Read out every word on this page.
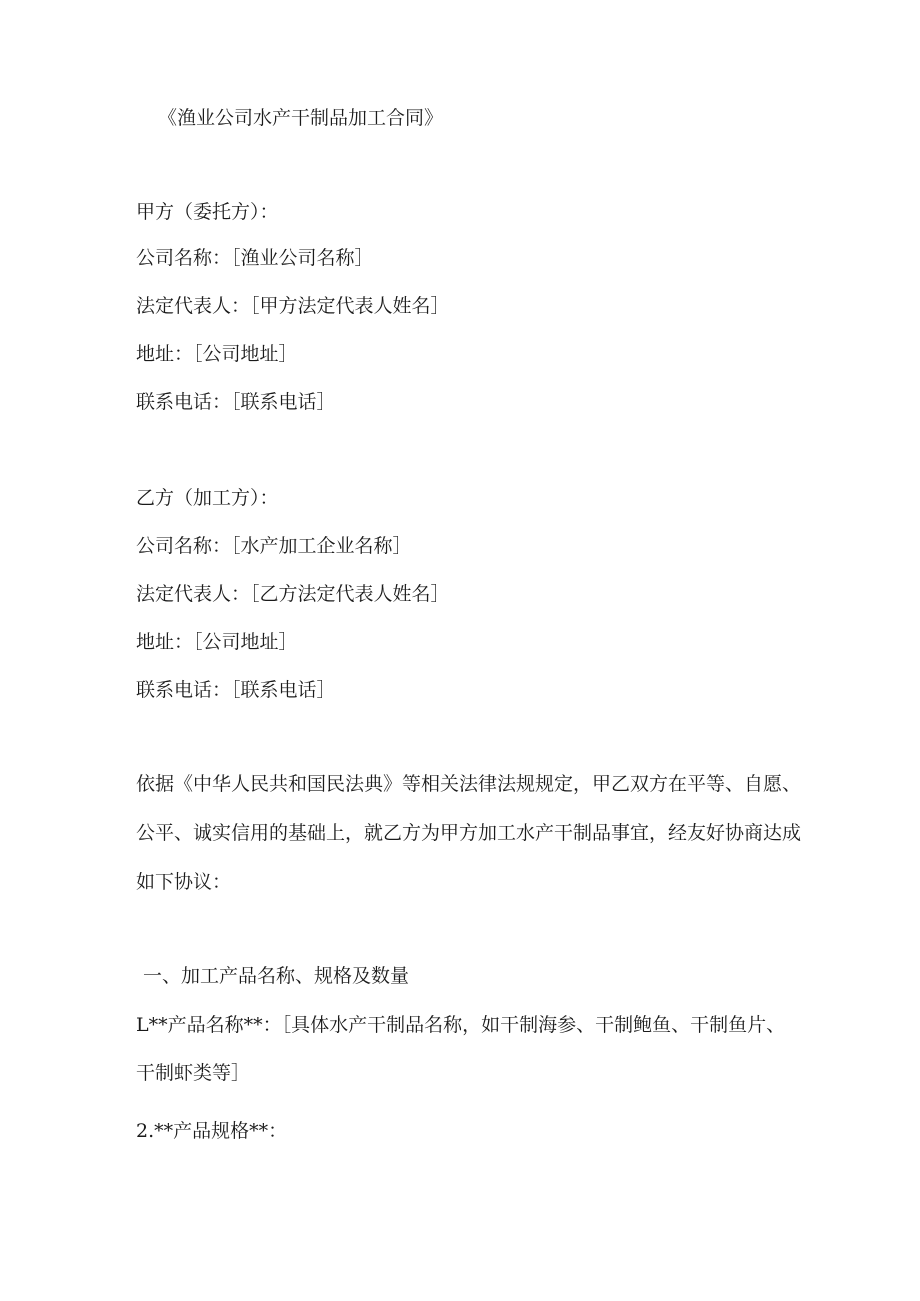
《渔业公司水产干制品加工合同》

甲方（委托方）：

公司名称：［渔业公司名称］

法定代表人：［甲方法定代表人姓名］

地址：［公司地址］

联系电话：［联系电话］

乙方（加工方）：

公司名称：［水产加工企业名称］

法定代表人：［乙方法定代表人姓名］

地址：［公司地址］

联系电话：［联系电话］

依据《中华人民共和国民法典》等相关法律法规规定，甲乙双方在平等、自愿、

公平、诚实信用的基础上，就乙方为甲方加工水产干制品事宜，经友好协商达成

如下协议：

一、加工产品名称、规格及数量

L**产品名称**：［具体水产干制品名称，如干制海参、干制鲍鱼、干制鱼片、

干制虾类等］

2.**产品规格**：
